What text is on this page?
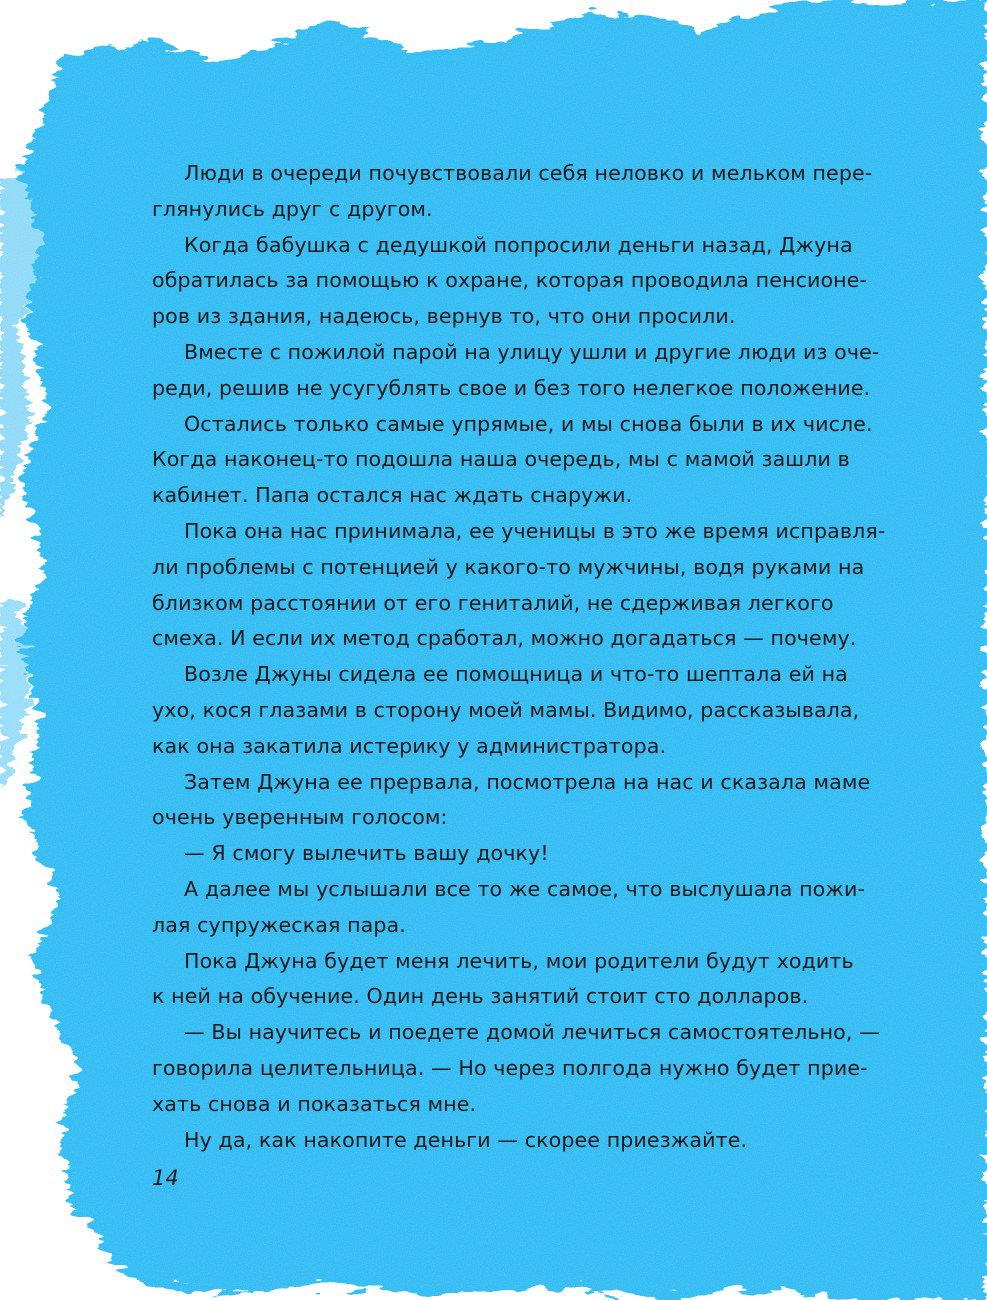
Люди в очереди почувствовали себя неловко и мельком пере-
глянулись друг с другом.

Когда бабушка с дедушкой попросили деньги назад, Джуна
обратилась за помощью к охране, которая проводила пенсионе-
ров из здания, надеюсь, вернув то, что они просили.

Вместе с пожилой парой на улицу ушли и другие люди из оче-
реди, решив не усугублять свое и без того нелегкое положение.

Остались только самые упрямые, и мы снова были в их числе.
Когда наконец-то подошла наша очередь, мы с мамой зашли в
кабинет. Папа остался нас ждать снаружи.

Пока она нас принимала, ее ученицы в это же время исправля-
ли проблемы с потенцией у какого-то мужчины, водя руками на
близком расстоянии от его гениталий, не сдерживая легкого
смеха. И если их метод сработал, можно догадаться — почему.

Возле Джуны сидела ее помощница и что-то шептала ей на
ухо, кося глазами в сторону моей мамы. Видимо, рассказывала,
как она закатила истерику у администратора.

Затем Джуна ее прервала, посмотрела на нас и сказала маме
очень уверенным голосом:

— Я смогу вылечить вашу дочку!

А далее мы услышали все то же самое, что выслушала пожи-
лая супружеская пара.

Пока Джуна будет меня лечить, мои родители будут ходить
к ней на обучение. Один день занятий стоит сто долларов.

— Вы научитесь и поедете домой лечиться самостоятельно, —
говорила целительница. — Но через полгода нужно будет прие-
хать снова и показаться мне.

Ну да, как накопите деньги — скорее приезжайте.

14
